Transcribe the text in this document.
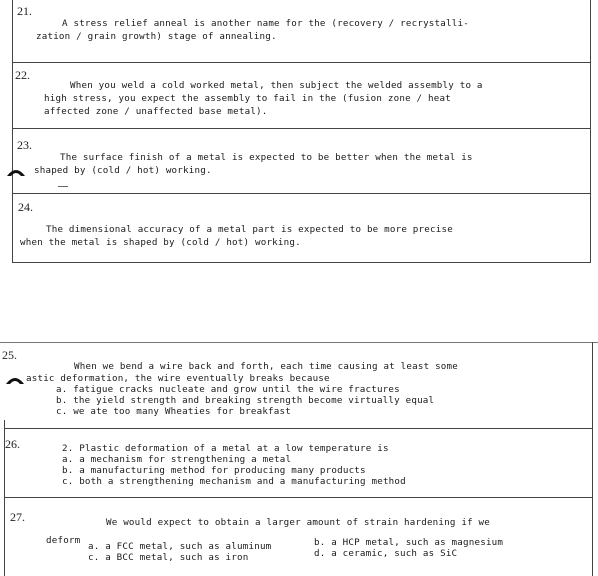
21.
A stress relief anneal is another name for the (recovery / recrystalli-
zation / grain growth) stage of annealing.
22.
When you weld a cold worked metal, then subject the welded assembly to a
high stress, you expect the assembly to fail in the (fusion zone / heat
affected zone / unaffected base metal).
23.
The surface finish of a metal is expected to be better when the metal is
shaped by (cold / hot) working.
24.
The dimensional accuracy of a metal part is expected to be more precise
when the metal is shaped by (cold / hot) working.
25.
When we bend a wire back and forth, each time causing at least some
astic deformation, the wire eventually breaks because
a. fatigue cracks nucleate and grow until the wire fractures
b. the yield strength and breaking strength become virtually equal
c. we ate too many Wheaties for breakfast
26.	2. Plastic deformation of a metal at a low temperature is
a. a mechanism for strengthening a metal
b. a manufacturing method for producing many products
c. both a strengthening mechanism and a manufacturing method
27.	We would expect to obtain a larger amount of strain hardening if we
deform
a. a FCC metal, such as aluminum	b. a HCP metal, such as magnesium
c. a BCC metal, such as iron	d. a ceramic, such as SiC
